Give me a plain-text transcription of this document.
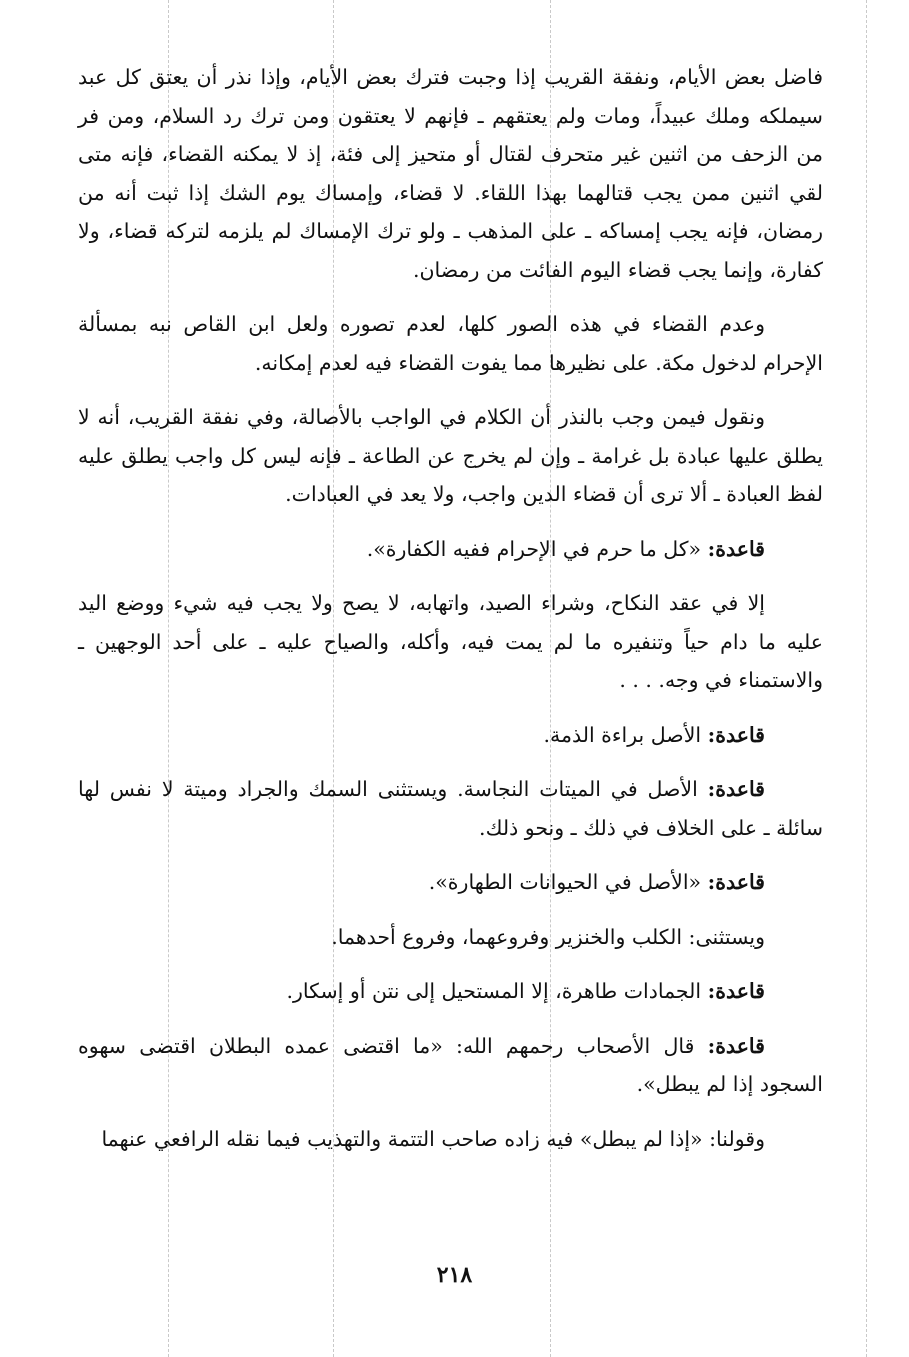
فاضل بعض الأيام، ونفقة القريب إذا وجبت فترك بعض الأيام، وإذا نذر أن يعتق كل عبد سيملكه وملك عبيداً، ومات ولم يعتقهم ـ فإنهم لا يعتقون ومن ترك رد السلام، ومن فر من الزحف من اثنين غير متحرف لقتال أو متحيز إلى فئة، إذ لا يمكنه القضاء، فإنه متى لقي اثنين ممن يجب قتالهما بهذا اللقاء. لا قضاء، وإمساك يوم الشك إذا ثبت أنه من رمضان، فإنه يجب إمساكه ـ على المذهب ـ ولو ترك الإمساك لم يلزمه لتركه قضاء، ولا كفارة، وإنما يجب قضاء اليوم الفائت من رمضان.

وعدم القضاء في هذه الصور كلها، لعدم تصوره ولعل ابن القاص نبه بمسألة الإحرام لدخول مكة. على نظيرها مما يفوت القضاء فيه لعدم إمكانه.

ونقول فيمن وجب بالنذر أن الكلام في الواجب بالأصالة، وفي نفقة القريب، أنه لا يطلق عليها عبادة بل غرامة ـ وإن لم يخرج عن الطاعة ـ فإنه ليس كل واجب يطلق عليه لفظ العبادة ـ ألا ترى أن قضاء الدين واجب، ولا يعد في العبادات.

قاعدة: «كل ما حرم في الإحرام ففيه الكفارة».

إلا في عقد النكاح، وشراء الصيد، واتهابه، لا يصح ولا يجب فيه شيء ووضع اليد عليه ما دام حياً وتنفيره ما لم يمت فيه، وأكله، والصياح عليه ـ على أحد الوجهين ـ والاستمناء في وجه. . . .

قاعدة: الأصل براءة الذمة.

قاعدة: الأصل في الميتات النجاسة. ويستثنى السمك والجراد وميتة لا نفس لها سائلة ـ على الخلاف في ذلك ـ ونحو ذلك.

قاعدة: «الأصل في الحيوانات الطهارة».

ويستثنى: الكلب والخنزير وفروعهما، وفروع أحدهما.

قاعدة: الجمادات طاهرة، إلا المستحيل إلى نتن أو إسكار.

قاعدة: قال الأصحاب رحمهم الله: «ما اقتضى عمده البطلان اقتضى سهوه السجود إذا لم يبطل».

وقولنا: «إذا لم يبطل» فيه زاده صاحب التتمة والتهذيب فيما نقله الرافعي عنهما

٢١٨
